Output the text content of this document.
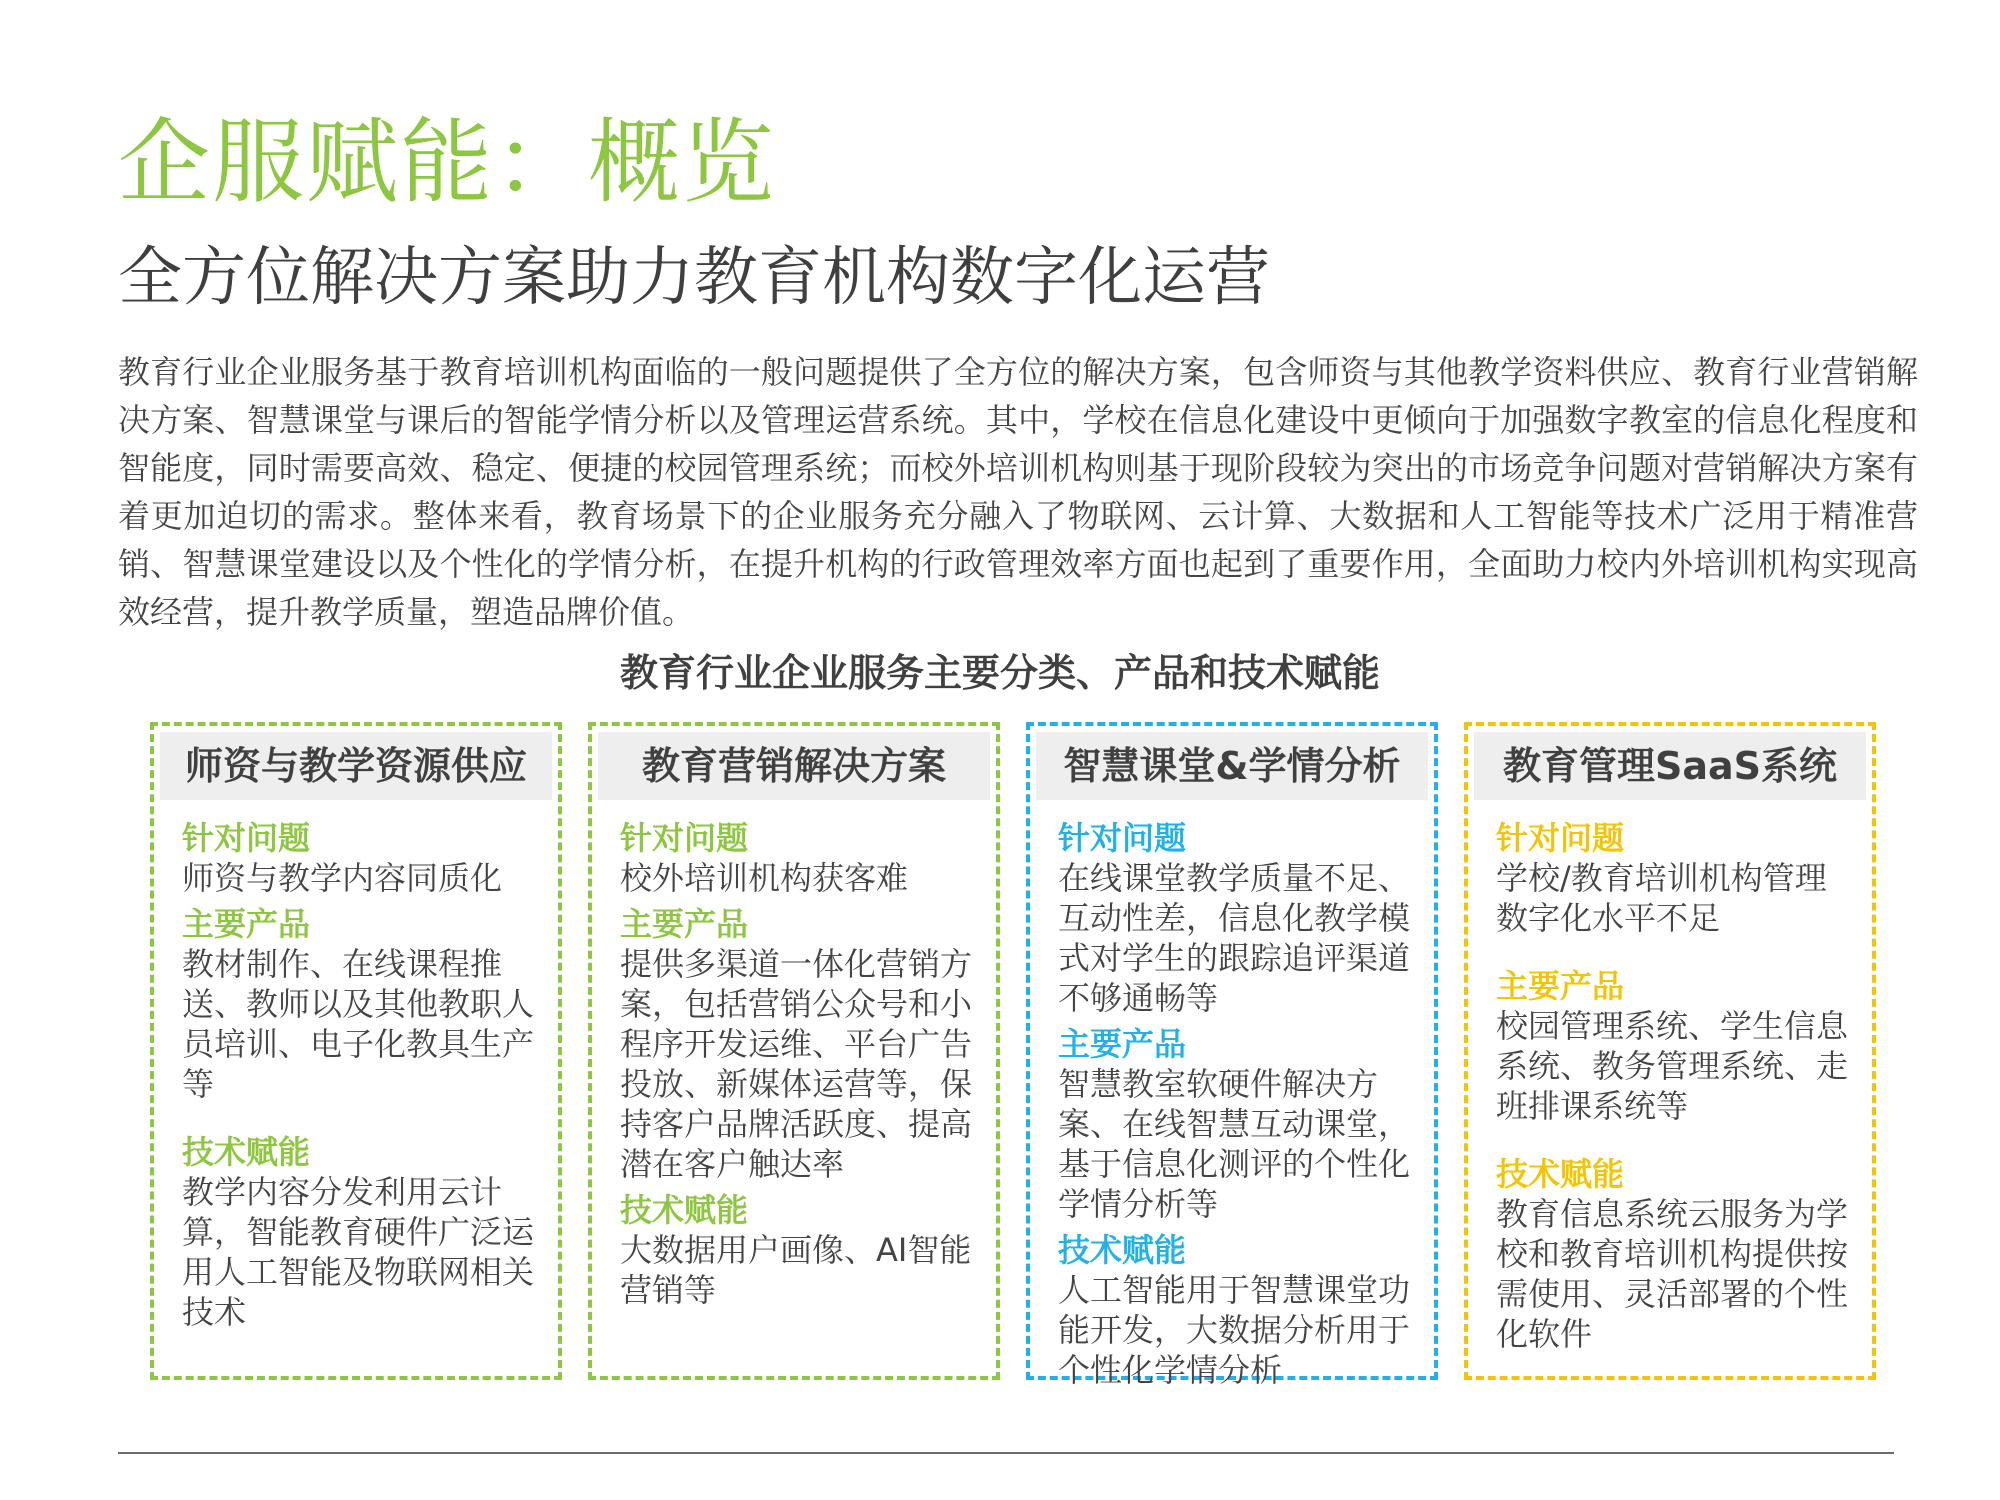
企服赋能：概览
全方位解决方案助力教育机构数字化运营
教育行业企业服务基于教育培训机构面临的一般问题提供了全方位的解决方案，包含师资与其他教学资料供应、教育行业营销解决方案、智慧课堂与课后的智能学情分析以及管理运营系统。其中，学校在信息化建设中更倾向于加强数字教室的信息化程度和智能度，同时需要高效、稳定、便捷的校园管理系统；而校外培训机构则基于现阶段较为突出的市场竞争问题对营销解决方案有着更加迫切的需求。整体来看，教育场景下的企业服务充分融入了物联网、云计算、大数据和人工智能等技术广泛用于精准营销、智慧课堂建设以及个性化的学情分析，在提升机构的行政管理效率方面也起到了重要作用，全面助力校内外培训机构实现高效经营，提升教学质量，塑造品牌价值。
教育行业企业服务主要分类、产品和技术赋能
师资与教学资源供应
针对问题
师资与教学内容同质化
主要产品
教材制作、在线课程推送、教师以及其他教职人员培训、电子化教具生产等
技术赋能
教学内容分发利用云计算，智能教育硬件广泛运用人工智能及物联网相关技术
教育营销解决方案
针对问题
校外培训机构获客难
主要产品
提供多渠道一体化营销方案，包括营销公众号和小程序开发运维、平台广告投放、新媒体运营等，保持客户品牌活跃度、提高潜在客户触达率
技术赋能
大数据用户画像、AI智能营销等
智慧课堂&学情分析
针对问题
在线课堂教学质量不足、互动性差，信息化教学模式对学生的跟踪追评渠道不够通畅等
主要产品
智慧教室软硬件解决方案、在线智慧互动课堂，基于信息化测评的个性化学情分析等
技术赋能
人工智能用于智慧课堂功能开发，大数据分析用于个性化学情分析
教育管理SaaS系统
针对问题
学校/教育培训机构管理数字化水平不足
主要产品
校园管理系统、学生信息系统、教务管理系统、走班排课系统等
技术赋能
教育信息系统云服务为学校和教育培训机构提供按需使用、灵活部署的个性化软件
